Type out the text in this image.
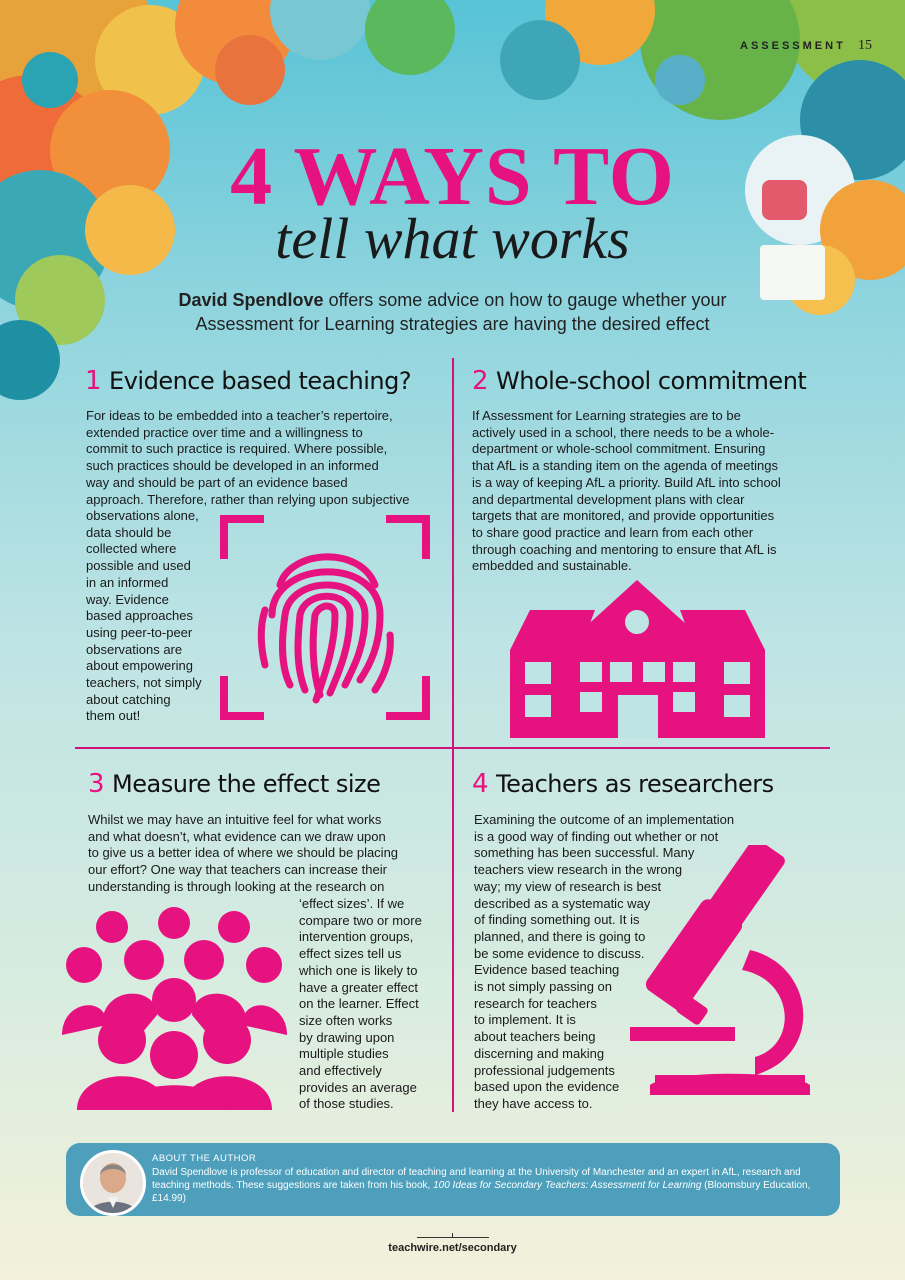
ASSESSMENT 15
4 WAYS TO
tell what works
David Spendlove offers some advice on how to gauge whether your
Assessment for Learning strategies are having the desired effect
1 Evidence based teaching?
For ideas to be embedded into a teacher’s repertoire,
extended practice over time and a willingness to
commit to such practice is required. Where possible,
such practices should be developed in an informed
way and should be part of an evidence based
approach. Therefore, rather than relying upon subjective
observations alone,
data should be
collected where
possible and used
in an informed
way. Evidence
based approaches
using peer-to-peer
observations are
about empowering
teachers, not simply
about catching
them out!
2 Whole-school commitment
If Assessment for Learning strategies are to be
actively used in a school, there needs to be a whole-
department or whole-school commitment. Ensuring
that AfL is a standing item on the agenda of meetings
is a way of keeping AfL a priority. Build AfL into school
and departmental development plans with clear
targets that are monitored, and provide opportunities
to share good practice and learn from each other
through coaching and mentoring to ensure that AfL is
embedded and sustainable.
3 Measure the effect size
Whilst we may have an intuitive feel for what works
and what doesn’t, what evidence can we draw upon
to give us a better idea of where we should be placing
our effort? One way that teachers can increase their
understanding is through looking at the research on
‘effect sizes’. If we
compare two or more
intervention groups,
effect sizes tell us
which one is likely to
have a greater effect
on the learner. Effect
size often works
by drawing upon
multiple studies
and effectively
provides an average
of those studies.
4 Teachers as researchers
Examining the outcome of an implementation
is a good way of finding out whether or not
something has been successful. Many
teachers view research in the wrong
way; my view of research is best
described as a systematic way
of finding something out. It is
planned, and there is going to
be some evidence to discuss.
Evidence based teaching
is not simply passing on
research for teachers
to implement. It is
about teachers being
discerning and making
professional judgements
based upon the evidence
they have access to.
ABOUT THE AUTHOR
David Spendlove is professor of education and director of teaching and learning at the University of Manchester and an expert in AfL, research and teaching methods. These suggestions are taken from his book, 100 Ideas for Secondary Teachers: Assessment for Learning (Bloomsbury Education, £14.99)
teachwire.net/secondary
